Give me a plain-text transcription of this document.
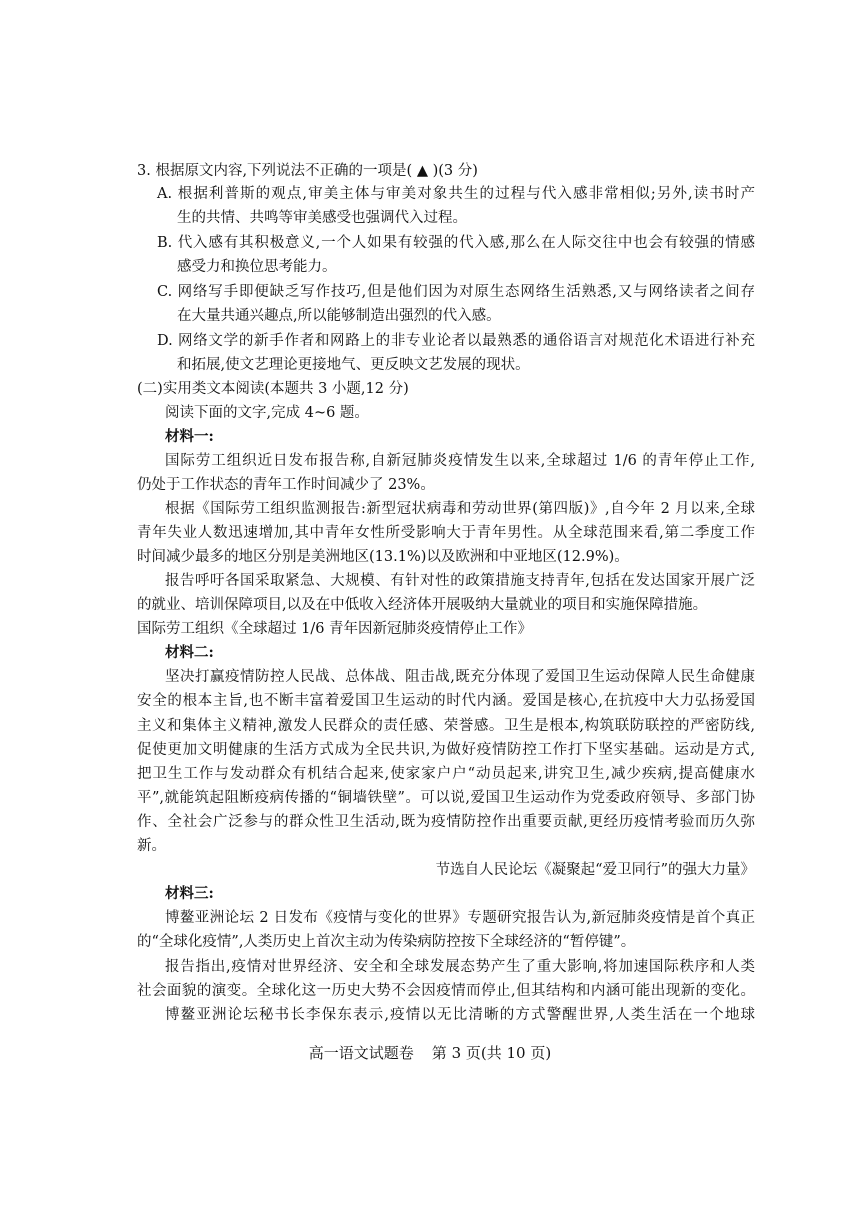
3. 根据原文内容,下列说法不正确的一项是( ▲ )(3 分)
A. 根据利普斯的观点,审美主体与审美对象共生的过程与代入感非常相似;另外,读书时产
生的共情、共鸣等审美感受也强调代入过程。
B. 代入感有其积极意义,一个人如果有较强的代入感,那么在人际交往中也会有较强的情感
感受力和换位思考能力。
C. 网络写手即便缺乏写作技巧,但是他们因为对原生态网络生活熟悉,又与网络读者之间存
在大量共通兴趣点,所以能够制造出强烈的代入感。
D. 网络文学的新手作者和网路上的非专业论者以最熟悉的通俗语言对规范化术语进行补充
和拓展,使文艺理论更接地气、更反映文艺发展的现状。
(二)实用类文本阅读(本题共 3 小题,12 分)
阅读下面的文字,完成 4~6 题。
材料一:
国际劳工组织近日发布报告称,自新冠肺炎疫情发生以来,全球超过 1/6 的青年停止工作,
仍处于工作状态的青年工作时间减少了 23%。
根据《国际劳工组织监测报告:新型冠状病毒和劳动世界(第四版)》,自今年 2 月以来,全球
青年失业人数迅速增加,其中青年女性所受影响大于青年男性。从全球范围来看,第二季度工作
时间减少最多的地区分别是美洲地区(13.1%)以及欧洲和中亚地区(12.9%)。
报告呼吁各国采取紧急、大规模、有针对性的政策措施支持青年,包括在发达国家开展广泛
的就业、培训保障项目,以及在中低收入经济体开展吸纳大量就业的项目和实施保障措施。
国际劳工组织《全球超过 1/6 青年因新冠肺炎疫情停止工作》
材料二:
坚决打赢疫情防控人民战、总体战、阻击战,既充分体现了爱国卫生运动保障人民生命健康
安全的根本主旨,也不断丰富着爱国卫生运动的时代内涵。爱国是核心,在抗疫中大力弘扬爱国
主义和集体主义精神,激发人民群众的责任感、荣誉感。卫生是根本,构筑联防联控的严密防线,
促使更加文明健康的生活方式成为全民共识,为做好疫情防控工作打下坚实基础。运动是方式,
把卫生工作与发动群众有机结合起来,使家家户户“动员起来,讲究卫生,减少疾病,提高健康水
平”,就能筑起阻断疫病传播的“铜墙铁壁”。可以说,爱国卫生运动作为党委政府领导、多部门协
作、全社会广泛参与的群众性卫生活动,既为疫情防控作出重要贡献,更经历疫情考验而历久弥
新。
节选自人民论坛《凝聚起“爱卫同行”的强大力量》
材料三:
博鳌亚洲论坛 2 日发布《疫情与变化的世界》专题研究报告认为,新冠肺炎疫情是首个真正
的“全球化疫情”,人类历史上首次主动为传染病防控按下全球经济的“暂停键”。
报告指出,疫情对世界经济、安全和全球发展态势产生了重大影响,将加速国际秩序和人类
社会面貌的演变。全球化这一历史大势不会因疫情而停止,但其结构和内涵可能出现新的变化。
博鳌亚洲论坛秘书长李保东表示,疫情以无比清晰的方式警醒世界,人类生活在一个地球
高一语文试题卷 第 3 页(共 10 页)
